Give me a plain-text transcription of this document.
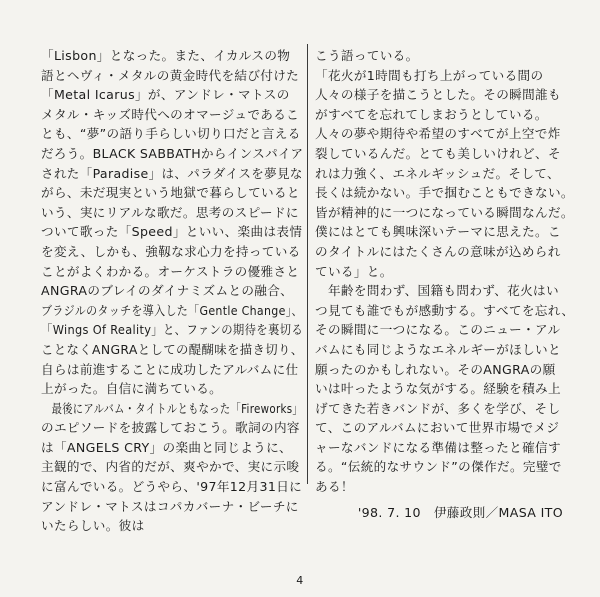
「Lisbon」となった。また、イカルスの物
語とヘヴィ・メタルの黄金時代を結び付けた
「Metal Icarus」が、アンドレ・マトスの
メタル・キッズ時代へのオマージュであるこ
とも、“夢”の語り手らしい切り口だと言える
だろう。BLACK SABBATHからインスパイア
された「Paradise」は、パラダイスを夢見な
がら、未だ現実という地獄で暮らしていると
いう、実にリアルな歌だ。思考のスピードに
ついて歌った「Speed」といい、楽曲は表情
を変え、しかも、強靱な求心力を持っている
ことがよくわかる。オーケストラの優雅さと
ANGRAのブレイのダイナミズムとの融合、
ブラジルのタッチを導入した「Gentle Change」、
「Wings Of Reality」と、ファンの期待を裏切る
ことなくANGRAとしての醍醐味を描き切り、
自らは前進することに成功したアルバムに仕
上がった。自信に満ちている。
　最後にアルバム・タイトルともなった「Fireworks」
のエピソードを披露しておこう。歌詞の内容
は「ANGELS CRY」の楽曲と同じように、
主観的で、内省的だが、爽やかで、実に示唆
に富んでいる。どうやら、'97年12月31日に
アンドレ・マトスはコパカバーナ・ビーチに
いたらしい。彼は
こう語っている。
「花火が1時間も打ち上がっている間の
人々の様子を描こうとした。その瞬間誰も
がすべてを忘れてしまおうとしている。
人々の夢や期待や希望のすべてが上空で炸
裂しているんだ。とても美しいけれど、そ
れは力強く、エネルギッシュだ。そして、
長くは続かない。手で掴むこともできない。
皆が精神的に一つになっている瞬間なんだ。
僕にはとても興味深いテーマに思えた。こ
のタイトルにはたくさんの意味が込められ
ている」と。
　年齢を問わず、国籍も問わず、花火はい
つ見ても誰でもが感動する。すべてを忘れ、
その瞬間に一つになる。このニュー・アル
バムにも同じようなエネルギーがほしいと
願ったのかもしれない。そのANGRAの願
いは叶ったような気がする。経験を積み上
げてきた若きバンドが、多くを学び、そし
て、このアルバムにおいて世界市場でメジ
ャーなバンドになる準備は整ったと確信す
る。“伝統的なサウンド”の傑作だ。完璧で
ある！
'98. 7. 10　伊藤政則／MASA ITO
4
